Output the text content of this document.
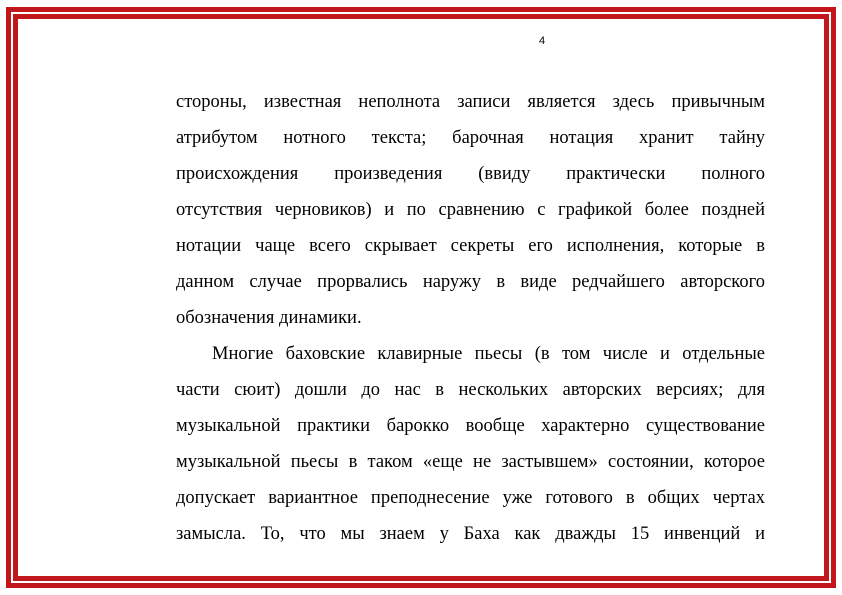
4
стороны, известная неполнота записи является здесь привычным
атрибутом нотного текста; барочная нотация хранит тайну
происхождения произведения (ввиду практически полного
отсутствия черновиков) и по сравнению с графикой более поздней
нотации чаще всего скрывает секреты его исполнения, которые в
данном случае прорвались наружу в виде редчайшего авторского
обозначения динамики.
Многие баховские клавирные пьесы (в том числе и отдельные
части сюит) дошли до нас в нескольких авторских версиях; для
музыкальной практики барокко вообще характерно существование
музыкальной пьесы в таком «еще не застывшем» состоянии, которое
допускает вариантное преподнесение уже готового в общих чертах
замысла. То, что мы знаем у Баха как дважды 15 инвенций и
